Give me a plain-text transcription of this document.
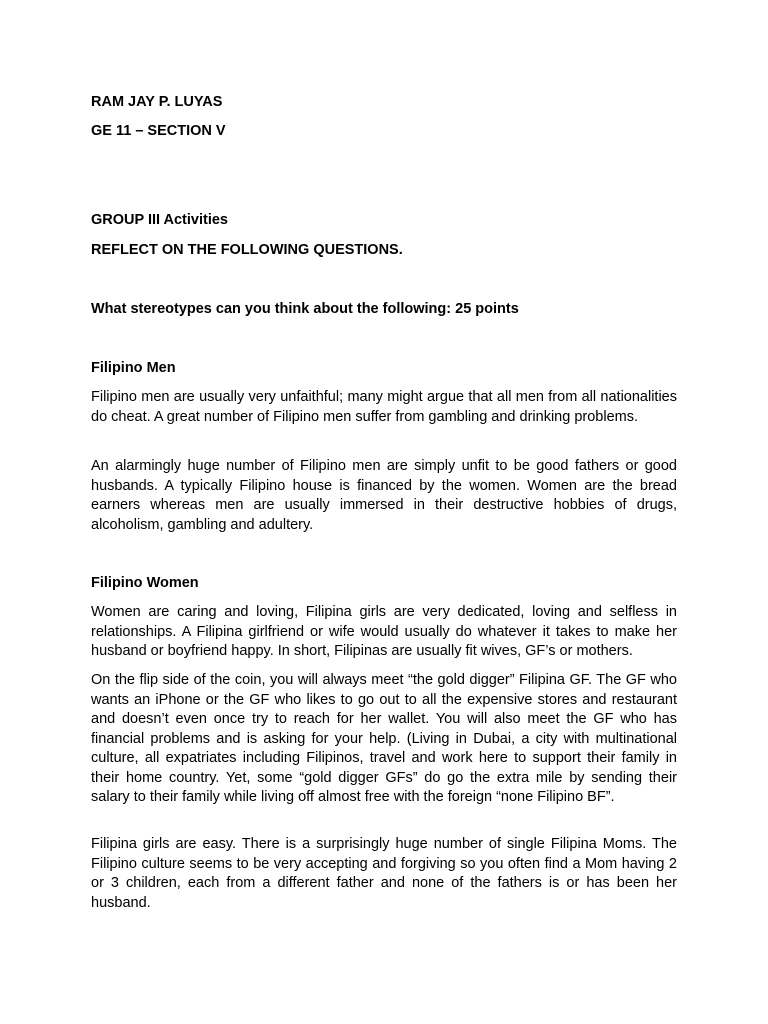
RAM JAY P. LUYAS
GE 11 – SECTION V
GROUP III Activities
REFLECT ON THE FOLLOWING QUESTIONS.
What stereotypes can you think about the following: 25 points
Filipino Men

Filipino men are usually very unfaithful; many might argue that all men from all nationalities do cheat. A great number of Filipino men suffer from gambling and drinking problems.

An alarmingly huge number of Filipino men are simply unfit to be good fathers or good husbands. A typically Filipino house is financed by the women. Women are the bread earners whereas men are usually immersed in their destructive hobbies of drugs, alcoholism, gambling and adultery.

Filipino Women

Women are caring and loving, Filipina girls are very dedicated, loving and selfless in relationships. A Filipina girlfriend or wife would usually do whatever it takes to make her husband or boyfriend happy. In short, Filipinas are usually fit wives, GF’s or mothers.

On the flip side of the coin, you will always meet “the gold digger” Filipina GF. The GF who wants an iPhone or the GF who likes to go out to all the expensive stores and restaurant and doesn’t even once try to reach for her wallet. You will also meet the GF who has financial problems and is asking for your help. (Living in Dubai, a city with multinational culture, all expatriates including Filipinos, travel and work here to support their family in their home country. Yet, some “gold digger GFs” do go the extra mile by sending their salary to their family while living off almost free with the foreign “none Filipino BF”.

Filipina girls are easy. There is a surprisingly huge number of single Filipina Moms. The Filipino culture seems to be very accepting and forgiving so you often find a Mom having 2 or 3 children, each from a different father and none of the fathers is or has been her husband.
